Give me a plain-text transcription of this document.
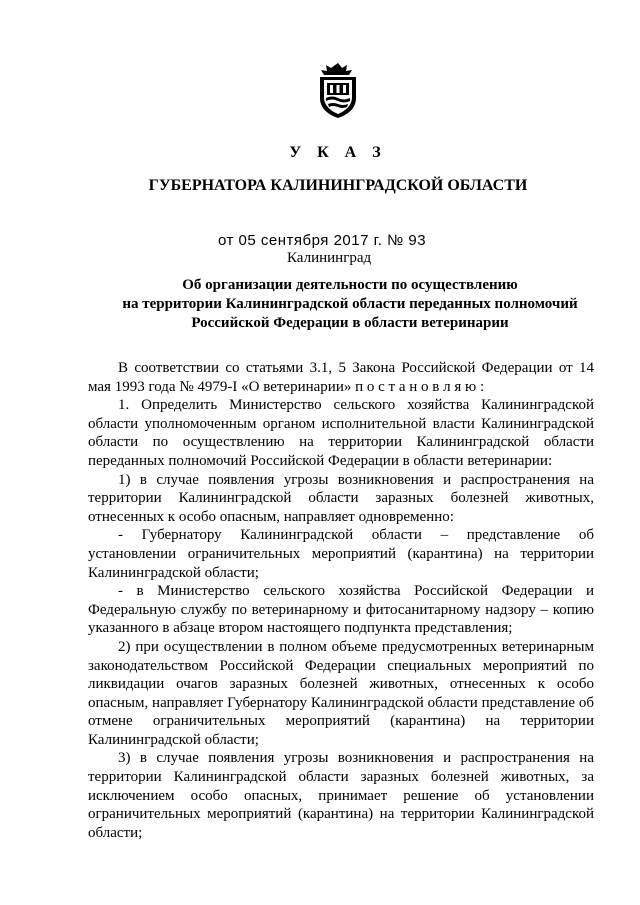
У К А З
ГУБЕРНАТОРА КАЛИНИНГРАДСКОЙ ОБЛАСТИ
от 05 сентября 2017 г. № 93
Калининград
Об организации деятельности по осуществлению
на территории Калининградской области переданных полномочий
Российской Федерации в области ветеринарии

В соответствии со статьями 3.1, 5 Закона Российской Федерации от 14 мая 1993 года № 4979-I «О ветеринарии» п о с т а н о в л я ю :

1. Определить Министерство сельского хозяйства Калининградской области уполномоченным органом исполнительной власти Калининградской области по осуществлению на территории Калининградской области переданных полномочий Российской Федерации в области ветеринарии:

1) в случае появления угрозы возникновения и распространения на территории Калининградской области заразных болезней животных, отнесенных к особо опасным, направляет одновременно:

- Губернатору Калининградской области – представление об установлении ограничительных мероприятий (карантина) на территории Калининградской области;

- в Министерство сельского хозяйства Российской Федерации и Федеральную службу по ветеринарному и фитосанитарному надзору – копию указанного в абзаце втором настоящего подпункта представления;

2) при осуществлении в полном объеме предусмотренных ветеринарным законодательством Российской Федерации специальных мероприятий по ликвидации очагов заразных болезней животных, отнесенных к особо опасным, направляет Губернатору Калининградской области представление об отмене ограничительных мероприятий (карантина) на территории Калининградской области;

3) в случае появления угрозы возникновения и распространения на территории Калининградской области заразных болезней животных, за исключением особо опасных, принимает решение об установлении ограничительных мероприятий (карантина) на территории Калининградской области;
